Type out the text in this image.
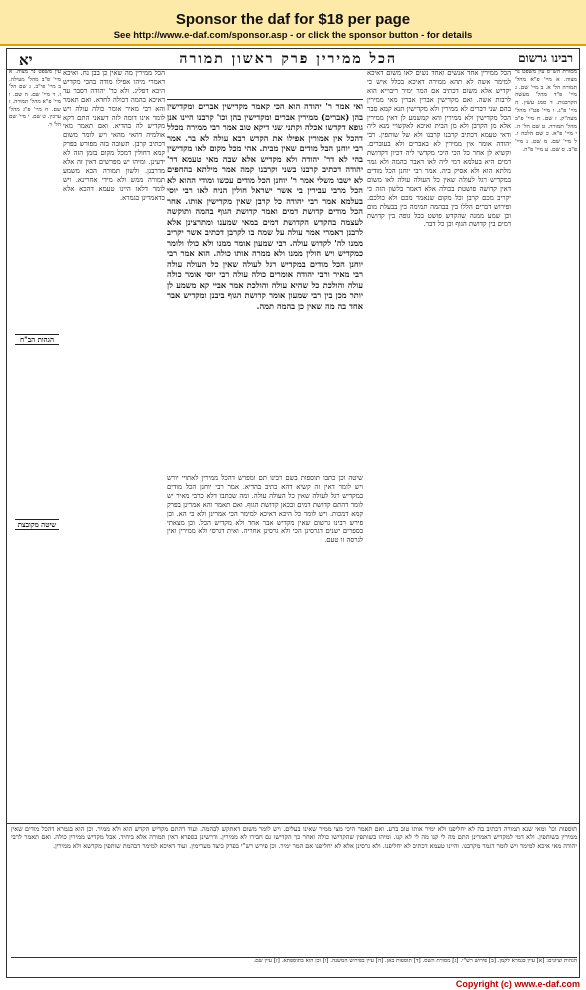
Sponsor the daf for $18 per page
See http://www.e-daf.com/sponsor.asp - or click the sponsor button - for details
יא	הכל ממירין פרק ראשון תמורה	רבינו גרשום
מסורת הש"ס עין משפט נר מצוה. א מיי' פ"א מהל' תמורה הל' א. ב מיי' שם. ג מיי' פ"ד מהל' מעשה הקרבנות. ד סמג עשין. ה מיי' פ"ג. ו מיי' פט"ו מהל' מעה"ק. ז שם. ח מיי' פ"ב מהל' תמורה. ט שם הל' ה. י מיי' פ"א. כ שם הלכה ו. ל מיי' שם. מ שם. נ מיי' פ"ב. ס שם. ע מיי' פ"ה.
הכל ממירין אחד אנשים ואחד נשים לאו משום דאיכא למימר אשה לא תהא ממירה דאיכא בכלל איש כי יקדיש אלא משום דכתיב אם המר ימיר ריבוייא הוא לרבות אשה. ואם מקדישין אברין אברין מאי ממירין בהם שני דברים לא ממירין ולא מקדישין תנא קמא סבר הכל מקדישין ולא ממירין והא קמשמע לן דאין ממירין אלא מן הקרבן ולא מן הבית ואיכא לאקשויי מנא ליה ודאי טעמא דכתיב קרבנו קרבנו ולא של שותפין. רבי יהודה אומר אין ממירין לא באברים ולא בעוברים. וקשיא לן אחר כל הכי היכי מקדשי ליה דכיון דקדושת דמים היא בעלמא דמי ליה לאו דאבר בהמה ולא גמר מלתא הוא ולא אסיק ביה. אמר רבי יוחנן הכל מודים במקדיש רגל לעולה שאין כל העולה עולה לאו משום דאין קדושה פושטת בכולה אלא דאמר בלשון הזה כי יקריב מכם קרבן וכל מקום שנאמר מכם ולא כולכם. ופירוש דברים הללו בין בבהמה תמימה בין בבעלת מום וכן שמע ממנה שהקדש פושט בכל גופה בין קדושת דמים בין קדושת הגוף וכן כל דבר.
ואי אמר ר' יהודה הוא הכי קאמר מקדישין אברים ומקדישין בהן (אברים) ממירין אברים ומקדישין בהן וכו' קרבנו היינו אנן גופא דקדשו אכלה וקתני שני דיקא טוב אמר רבי ממירה מכלל דהכל אין אמורין אפילו את הקדש רבא עולה לא בר. אמר רבי יוחנן הבל מודים שאין מבית. אהי מכל מקום לאו מקדישין בהי לא דר' יהודה ולא מקדיש אלא שבה מאי טעמא דר' יהודה דכתיב קרבנו בשני וקרבנו קמה אמר מילתא בהחפים לא ישבו משלי אמר ר' יוחנן הכל מודים עכשו ומודי ההוא לא הכל מרבי עבירין בי אשר ישראל חולין הניח לאו רבי יוסי בעלמא אמר רבי יהודה כל קרבן שאין מקדישין אותו. אחר הכל מודים קדושת דמים ואמר קדושת הגוף בהמה ותוקשה לעצמה בהקדש הקדושת דמים במאי שמענו ומתרצינן אלא לרבנן דאמרי אמר עולה על שמה בו לקרבן דכתיב אשר יקריב ממנו לה' לקדוש עולה. רבי שמעון אומר ממנו ולא כולו ולומר כמקדיש ויש חולין ממנו ולא ממרה אותו כולה. הוא אמר רבי יוחנן הכל מודים במקדיש רגל לעולה שאין כל העולה עולה רבי מאיר ורבי יהודה אומרים כולה עולה רבי יוסי אומר כולה עולה והולכת כל שהיא עולה והולכת אמר אביי קא משמע לן יותר מכן בין רבי שמעון אומר קדושת הגוף ביבנן ומקדיש אבר אחד בה מה שאין כן בהמה תמה.
שיטה וכן כתבו תוספות בשם רבינו תם ומפרש דהכל ממירין לאתויי יורש ויש לומר דאין זה קשיא דהא כתיב בהדיא. אמר רבי יוחנן הכל מודים במקדיש רגל לעולה שאין כל העולה עולה. ומה שכתבו דלא כרבי מאיר יש לומר דהתם קדושת דמים ובכאן קדושת הגוף. ואם תאמר והא אמרינן בפרק קמא דמכות. ויש לומר כל היכא דאיכא למימר הכי אמרינן ולא כי הא. וכן פירש רבינו גרשום שאין מקדיש אבר אחד ולא מקדיש הכל. וכן מצאתי בספרים ישנים דגרסינן הכי ולא גרסינן אחריה. ואית דגרסי ולא ממירין ואין לגרסה זו טעם.
הכל ממירין מה שאין כן בבן נח. ואיכא דאמרי מיהו אפילו מודה בהכי מקדיש היכא דפליג. ולא כר' יהודה דסבר עד דאיכא בהמה דכולה לחדא. ואם תאמר והא רבי מאיר אומר כולה עולה ויש לומר אינו דומה לזה דשאני התם דקא מקדיש לה בהדיא. ואם תאמר מאי אולמיה דהאי מהאי ויש לומר משום דכתיב קרבן. תשובה בזה מפורש בפרק קמא דחולין דמכל מקום בזמן הזה לא ידעינן. ומיהו יש מפרשים דאין זה אלא מדרבנן. ולשון תמורה הכא משמע תמורה ממש ולא מידי אחרינא. ויש לומר דלאו היינו טעמא דהכא אלא כדאמרינן בגמרא.
עין משפט נר מצוה. א מיי' פ"ב מהל' מעילה. ב מיי' פי"ב. ג שם הל' ז. ד מיי' שם. ה שם. ו מיי' פ"א מהל' תמורה. ז שם. ח מיי' פ"ג מהל' ערכין. ט שם. י מיי' שם הל' ד.
הגהות הב"ח
שיטה מקובצת
תוספות וכו' ומאי שנא תמורה דכתיב בה לא יחליפנו ולא ימיר אותו טוב ברע. ואם תאמר היכי מצי ממיר שאינו בעלים. ויש לומר משום דאתקש לבהמה. ועוד דהתם מקדיש הקדש הוא ולא ממיר. וכן הוא בגמרא דהכל מודים שאין ממירין בשותפין. ולא דמי למקדיש דאמרינן התם מה לי קנו מה לי לא קנו. ומיהו בשותפין שהקדישו כולה ואחר כך הקדישו גם חבירו לא ממירין. ודרשינן בספרא דאין תמורה אלא ביחיד. אבל מקדיש ממירין כולה. ואם תאמר לרבי יהודה מאי איכא למימר ויש לומר דגמר מקרבנו. והיינו טעמא דכתיב לא יחליפנו. ולא גרסינן אלא לא יחליפנו אם המר ימיר. וכן פירש רש"י בפרק כיצד מערימין. ועוד דאיכא למימר דבהמת שותפין מקדשא ולא ממירין.
הגהות וציונים: [א] עיין בגמרא לקמן. [ב] פירוש רש"י. [ג] מסורת השס. [ד] תוספות כאן. [ה] עיין בפירוש המשנה. [ו] וכן הוא בתוספתא. [ז] עיין שם.
Copyright (c) www.e-daf.com
